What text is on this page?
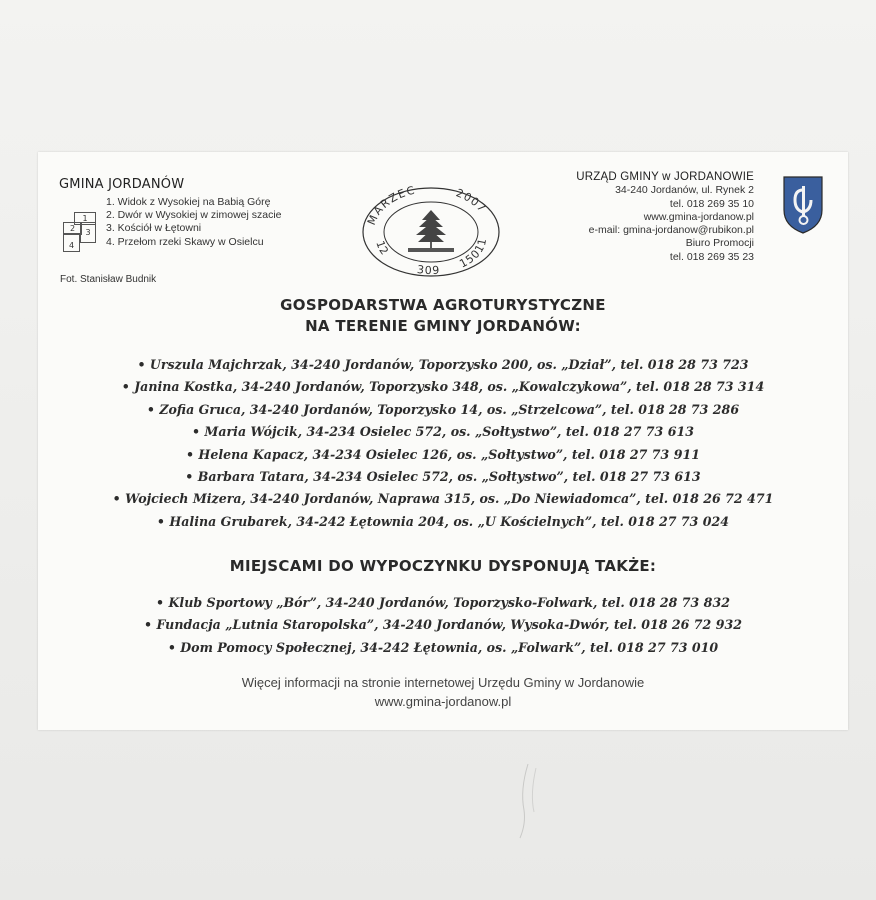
GMINA JORDANÓW
1
2	3
4
1. Widok z Wysokiej na Babią Górę
2. Dwór w Wysokiej w zimowej szacie
3. Kościół w Łętowni
4. Przełom rzeki Skawy w Osielcu
Fot. Stanisław Budnik
MARZEC	2007
12
309 15011
URZĄD GMINY w JORDANOWIE
34-240 Jordanów, ul. Rynek 2
tel. 018 269 35 10
www.gmina-jordanow.pl
e-mail: gmina-jordanow@rubikon.pl
Biuro Promocji
tel. 018 269 35 23
GOSPODARSTWA AGROTURYSTYCZNE
NA TERENIE GMINY JORDANÓW:
• Urszula Majchrzak, 34-240 Jordanów, Toporzysko 200, os. „Dział”, tel. 018 28 73 723
• Janina Kostka, 34-240 Jordanów, Toporzysko 348, os. „Kowalczykowa”, tel. 018 28 73 314
• Zofia Gruca, 34-240 Jordanów, Toporzysko 14, os. „Strzelcowa”, tel. 018 28 73 286
• Maria Wójcik, 34-234 Osielec 572, os. „Sołtystwo”, tel. 018 27 73 613
• Helena Kapacz, 34-234 Osielec 126, os. „Sołtystwo”, tel. 018 27 73 911
• Barbara Tatara, 34-234 Osielec 572, os. „Sołtystwo”, tel. 018 27 73 613
• Wojciech Mizera, 34-240 Jordanów, Naprawa 315, os. „Do Niewiadomca”, tel. 018 26 72 471
• Halina Grubarek, 34-242 Łętownia 204, os. „U Kościelnych”, tel. 018 27 73 024
MIEJSCAMI DO WYPOCZYNKU DYSPONUJĄ TAKŻE:
• Klub Sportowy „Bór”, 34-240 Jordanów, Toporzysko-Folwark, tel. 018 28 73 832
• Fundacja „Lutnia Staropolska”, 34-240 Jordanów, Wysoka-Dwór, tel. 018 26 72 932
• Dom Pomocy Społecznej, 34-242 Łętownia, os. „Folwark”, tel. 018 27 73 010
Więcej informacji na stronie internetowej Urzędu Gminy w Jordanowie
www.gmina-jordanow.pl
